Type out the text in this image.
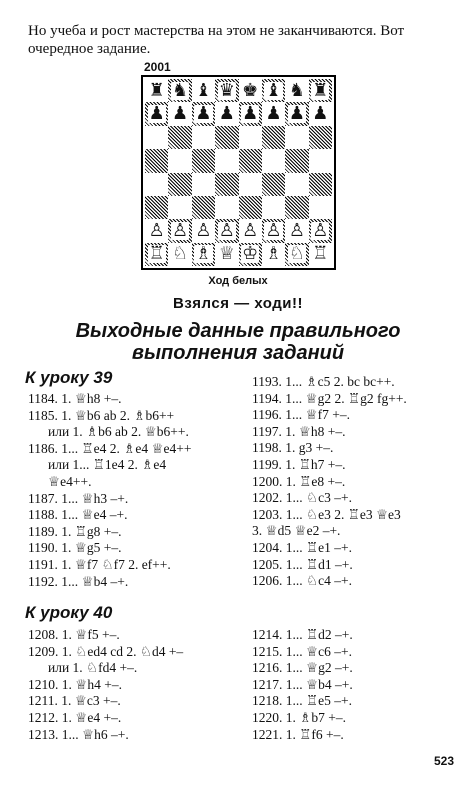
Но учеба и рост мастерства на этом не заканчиваются. Вот очередное задание.
2001
♜ ♞ ♝ ♛ ♚ ♝ ♞ ♜
♟ ♟ ♟ ♟ ♟ ♟ ♟ ♟
♙ ♙ ♙ ♙ ♙ ♙ ♙ ♙
♖ ♘ ♗ ♕ ♔ ♗ ♘ ♖
Ход белых
Взялся — ходи!!
Выходные данные правильного
выполнения заданий
К уроку 39
1184. 1. ♕h8 +–.
1185. 1. ♕b6 ab 2. ♗b6++
или 1. ♗b6 ab 2. ♕b6++.
1186. 1... ♖e4 2. ♗e4 ♕e4++
или 1... ♖1e4 2. ♗e4
♕e4++.
1187. 1... ♕h3 –+.
1188. 1... ♕e4 –+.
1189. 1. ♖g8 +–.
1190. 1. ♕g5 +–.
1191. 1. ♕f7 ♘f7 2. ef++.
1192. 1... ♕b4 –+.
1193. 1... ♗c5 2. bc bc++.
1194. 1... ♕g2 2. ♖g2 fg++.
1196. 1... ♕f7 +–.
1197. 1. ♕h8 +–.
1198. 1. g3 +–.
1199. 1. ♖h7 +–.
1200. 1. ♖e8 +–.
1202. 1... ♘c3 –+.
1203. 1... ♘e3 2. ♖e3 ♕e3
3. ♕d5 ♕e2 –+.
1204. 1... ♖e1 –+.
1205. 1... ♖d1 –+.
1206. 1... ♘c4 –+.
К уроку 40
1208. 1. ♕f5 +–.
1209. 1. ♘ed4 cd 2. ♘d4 +–
или 1. ♘fd4 +–.
1210. 1. ♕h4 +–.
1211. 1. ♕c3 +–.
1212. 1. ♕e4 +–.
1213. 1... ♕h6 –+.
1214. 1... ♖d2 –+.
1215. 1... ♕c6 –+.
1216. 1... ♕g2 –+.
1217. 1... ♕b4 –+.
1218. 1... ♖e5 –+.
1220. 1. ♗b7 +–.
1221. 1. ♖f6 +–.
523
